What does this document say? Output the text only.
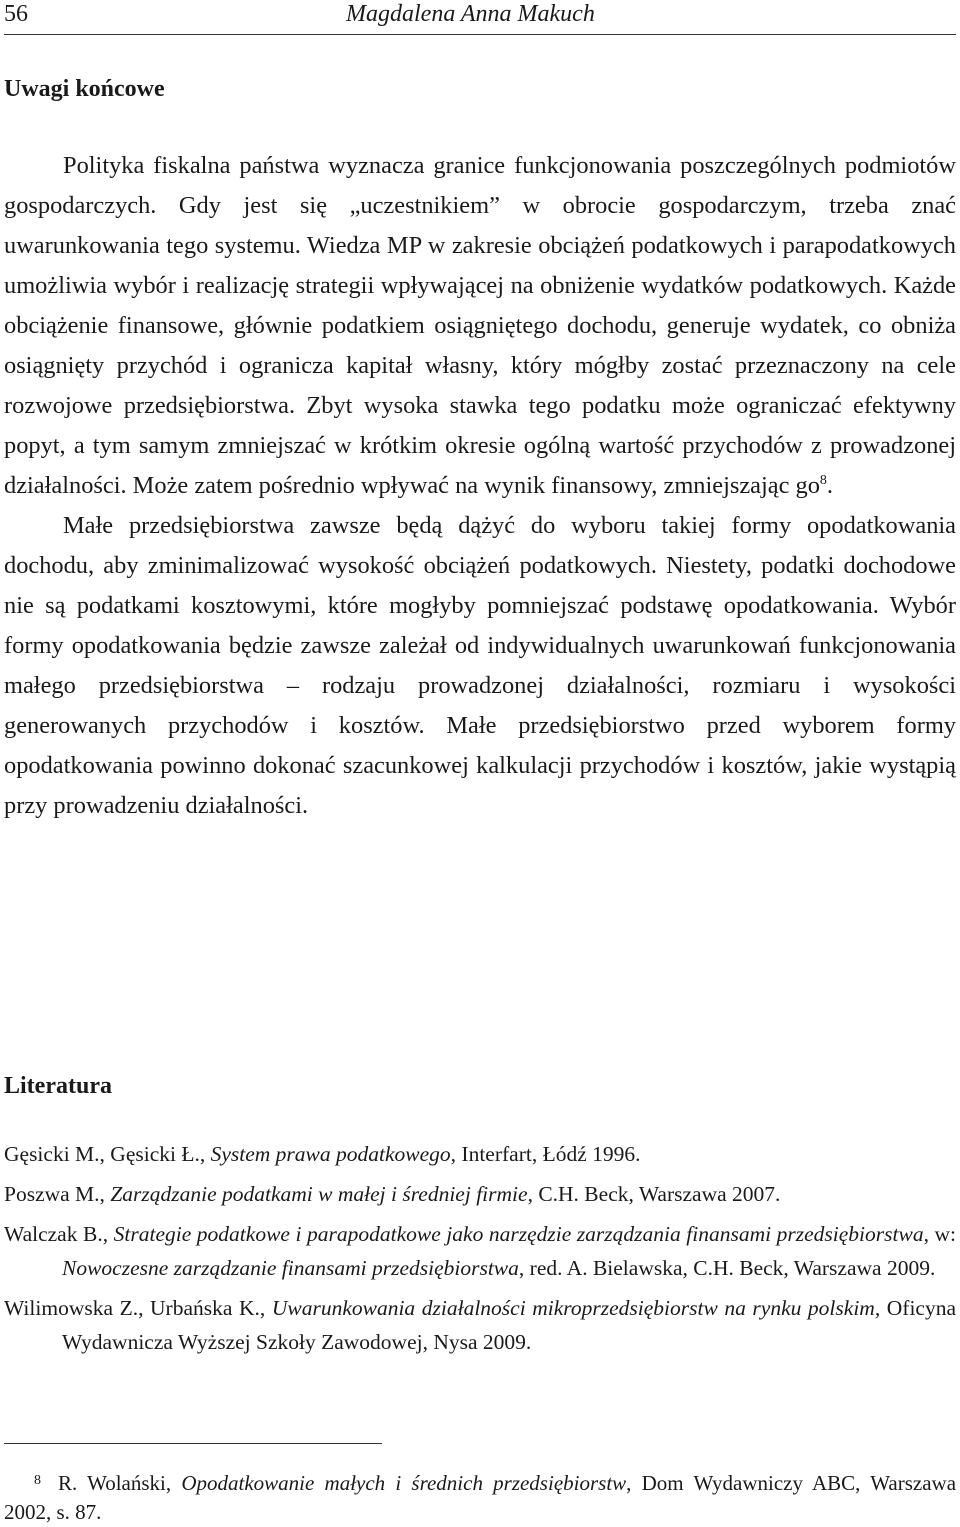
56	Magdalena Anna Makuch
Uwagi końcowe

Polityka fiskalna państwa wyznacza granice funkcjonowania poszczególnych podmiotów gospodarczych. Gdy jest się „uczestnikiem” w obrocie gospodarczym, trzeba znać uwarunkowania tego systemu. Wiedza MP w zakresie obciążeń podatkowych i parapodatkowych umożliwia wybór i realizację strategii wpływającej na obniżenie wydatków podatkowych. Każde obciążenie finansowe, głównie podatkiem osiągniętego dochodu, generuje wydatek, co obniża osiągnięty przychód i ogranicza kapitał własny, który mógłby zostać przeznaczony na cele rozwojowe przedsiębiorstwa. Zbyt wysoka stawka tego podatku może ograniczać efektywny popyt, a tym samym zmniejszać w krótkim okresie ogólną wartość przychodów z prowadzonej działalności. Może zatem pośrednio wpływać na wynik finansowy, zmniejszając $go^8$.

Małe przedsiębiorstwa zawsze będą dążyć do wyboru takiej formy opodatkowania dochodu, aby zminimalizować wysokość obciążeń podatkowych. Niestety, podatki dochodowe nie są podatkami kosztowymi, które mogłyby pomniejszać podstawę opodatkowania. Wybór formy opodatkowania będzie zawsze zależał od indywidualnych uwarunkowań funkcjonowania małego przedsiębiorstwa – rodzaju prowadzonej działalności, rozmiaru i wysokości generowanych przychodów i kosztów. Małe przedsiębiorstwo przed wyborem formy opodatkowania powinno dokonać szacunkowej kalkulacji przychodów i kosztów, jakie wystąpią przy prowadzeniu działalności.

Literatura

Gęsicki M., Gęsicki Ł., System prawa podatkowego, Interfart, Łódź 1996.

Poszwa M., Zarządzanie podatkami w małej i średniej firmie, C.H. Beck, Warszawa 2007.

Walczak B., Strategie podatkowe i parapodatkowe jako narzędzie zarządzania finansami przedsiębiorstwa, w: Nowoczesne zarządzanie finansami przedsiębiorstwa, red. A. Bielawska, C.H. Beck, Warszawa 2009.

Wilimowska Z., Urbańska K., Uwarunkowania działalności mikroprzedsiębiorstw na rynku polskim, Oficyna Wydawnicza Wyższej Szkoły Zawodowej, Nysa 2009.

8 R. Wolański, Opodatkowanie małych i średnich przedsiębiorstw, Dom Wydawniczy ABC, Warszawa 2002, s. 87.
